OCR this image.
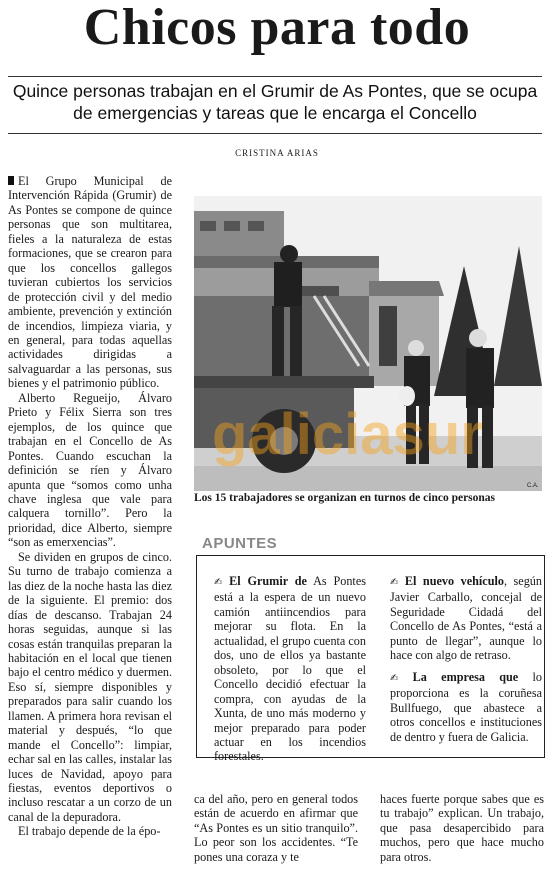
Chicos para todo
Quince personas trabajan en el Grumir de As Pontes, que se ocupa de emergencias y tareas que le encarga el Concello
CRISTINA ARIAS

El Grupo Municipal de Intervención Rápida (Grumir) de As Pontes se compone de quince personas que son multitarea, fieles a la naturaleza de estas formaciones, que se crearon para que los concellos gallegos tuvieran cubiertos los servicios de protección civil y del medio ambiente, prevención y extinción de incendios, limpieza viaria, y en general, para todas aquellas actividades dirigidas a salvaguardar a las personas, sus bienes y el patrimonio público.

Alberto Regueijo, Álvaro Prieto y Félix Sierra son tres ejemplos, de los quince que trabajan en el Concello de As Pontes. Cuando escuchan la definición se ríen y Álvaro apunta que “somos como unha chave inglesa que vale para calquera tornillo”. Pero la prioridad, dice Alberto, siempre “son as emerxencias”.

Se dividen en grupos de cinco. Su turno de trabajo comienza a las diez de la noche hasta las diez de la siguiente. El premio: dos días de descanso. Trabajan 24 horas seguidas, aunque si las cosas están tranquilas preparan la habitación en el local que tienen bajo el centro médico y duermen. Eso sí, siempre disponibles y preparados para salir cuando los llamen. A primera hora revisan el material y después, “lo que mande el Concello”: limpiar, echar sal en las calles, instalar las luces de Navidad, apoyo para fiestas, eventos deportivos o incluso rescatar a un corzo de un canal de la depuradora.

El trabajo depende de la épo-

galiciasur
C.A.
Los 15 trabajadores se organizan en turnos de cinco personas
APUNTES

✍ El Grumir de As Pontes está a la espera de un nuevo camión antiincendios para mejorar su flota. En la actualidad, el grupo cuenta con dos, uno de ellos ya bastante obsoleto, por lo que el Concello decidió efectuar la compra, con ayudas de la Xunta, de uno más moderno y mejor preparado para poder actuar en los incendios forestales.

✍ El nuevo vehículo, según Javier Carballo, concejal de Seguridade Cidadá del Concello de As Pontes, “está a punto de llegar”, aunque lo hace con algo de retraso.

✍ La empresa que lo proporciona es la coruñesa Bullfuego, que abastece a otros concellos e instituciones de dentro y fuera de Galicia.

ca del año, pero en general todos están de acuerdo en afirmar que “As Pontes es un sitio tranquilo”. Lo peor son los accidentes. “Te pones una coraza y te

haces fuerte porque sabes que es tu trabajo” explican. Un trabajo, que pasa desapercibido para muchos, pero que hace mucho para otros.
